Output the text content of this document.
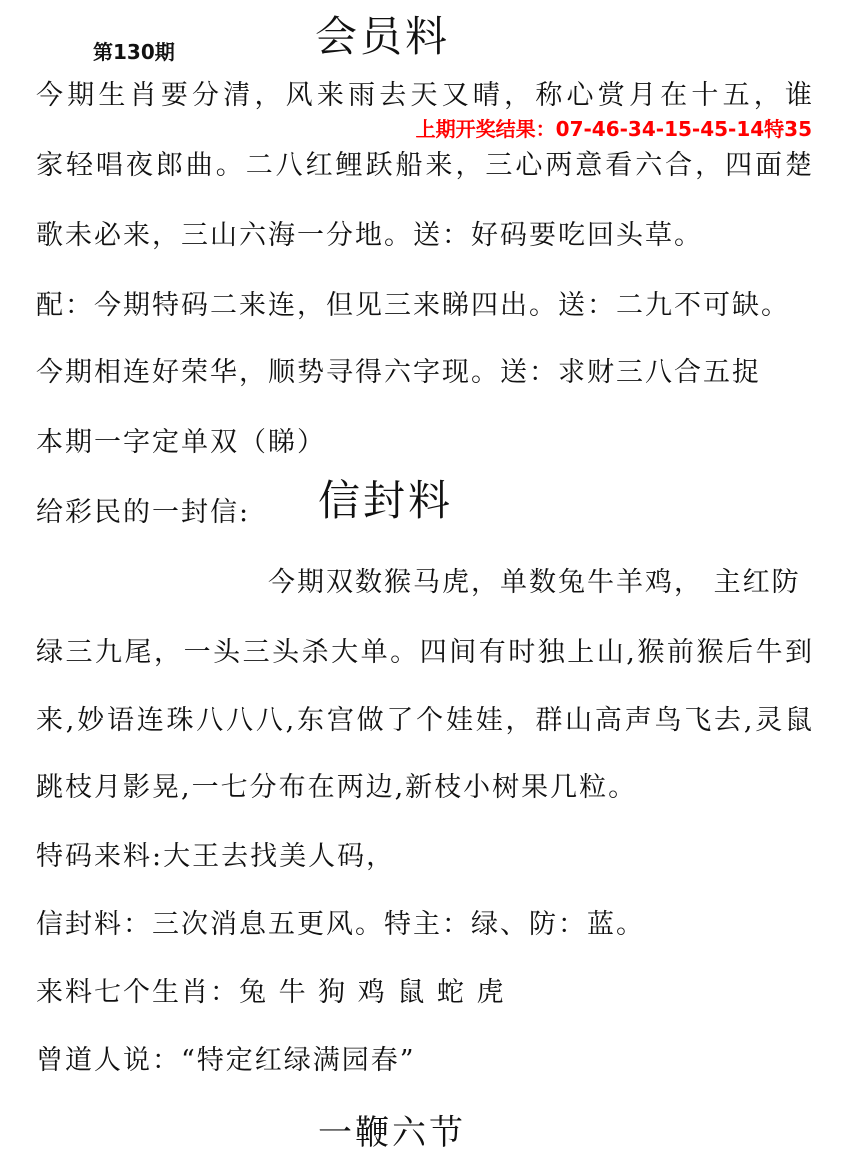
第130期	会员料
今期生肖要分清，风来雨去天又晴，称心赏月在十五，谁
上期开奖结果：07-46-34-15-45-14特35
家轻唱夜郎曲。二八红鲤跃船来，三心两意看六合，四面楚
歌未必来，三山六海一分地。送：好码要吃回头草。
配：今期特码二来连，但见三来睇四出。送：二九不可缺。
今期相连好荣华，顺势寻得六字现。送：求财三八合五捉
本期一字定单双（睇）
给彩民的一封信: 信封料
今期双数猴马虎，单数兔牛羊鸡， 主红防
绿三九尾，一头三头杀大单。四间有时独上山,猴前猴后牛到
来,妙语连珠八八八,东宫做了个娃娃，群山高声鸟飞去,灵鼠
跳枝月影晃,一七分布在两边,新枝小树果几粒。
特码来料:大王去找美人码，
信封料：三次消息五更风。特主：绿、防：蓝。
来料七个生肖：兔 牛 狗 鸡 鼠 蛇 虎
曾道人说：“特定红绿满园春”
一鞭六节
